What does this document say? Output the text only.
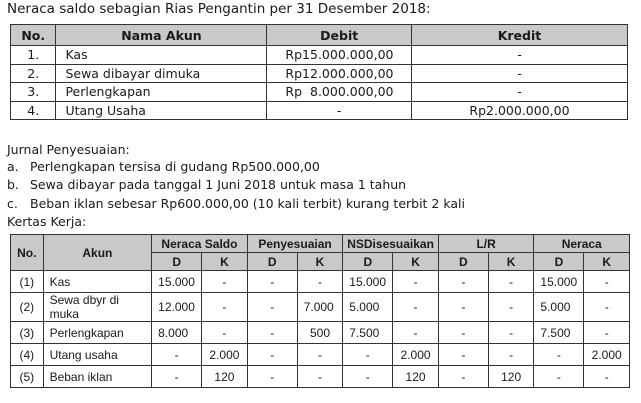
Neraca saldo sebagian Rias Pengantin per 31 Desember 2018:
No.	Nama Akun	Debit	Kredit
1.	Kas	Rp15.000.000,00	-
2.	Sewa dibayar dimuka	Rp12.000.000,00	-
3.	Perlengkapan	Rp  8.000.000,00	-
4.	Utang Usaha	-	Rp2.000.000,00
Jurnal Penyesuaian:
a. Perlengkapan tersisa di gudang Rp500.000,00
b. Sewa dibayar pada tanggal 1 Juni 2018 untuk masa 1 tahun
c. Beban iklan sebesar Rp600.000,00 (10 kali terbit) kurang terbit 2 kali
Kertas Kerja:
No.	Akun	Neraca Saldo		Penyesuaian		NSDisesuaikan		L/R		Neraca	
		D	K	D	K	D	K	D	K	D	K
(1)	Kas	15.000	-	-	-	15.000	-	-	-	15.000	-
(2)	Sewa dbyr di muka	12.000	-	-	7.000	5.000	-	-	-	5.000	-
(3)	Perlengkapan	8.000	-	-	500	7.500	-	-	-	7.500	-
(4)	Utang usaha	-	2.000	-	-	-	2.000	-	-	-	2.000
(5)	Beban iklan	-	120	-	-	-	120	-	120	-	-
